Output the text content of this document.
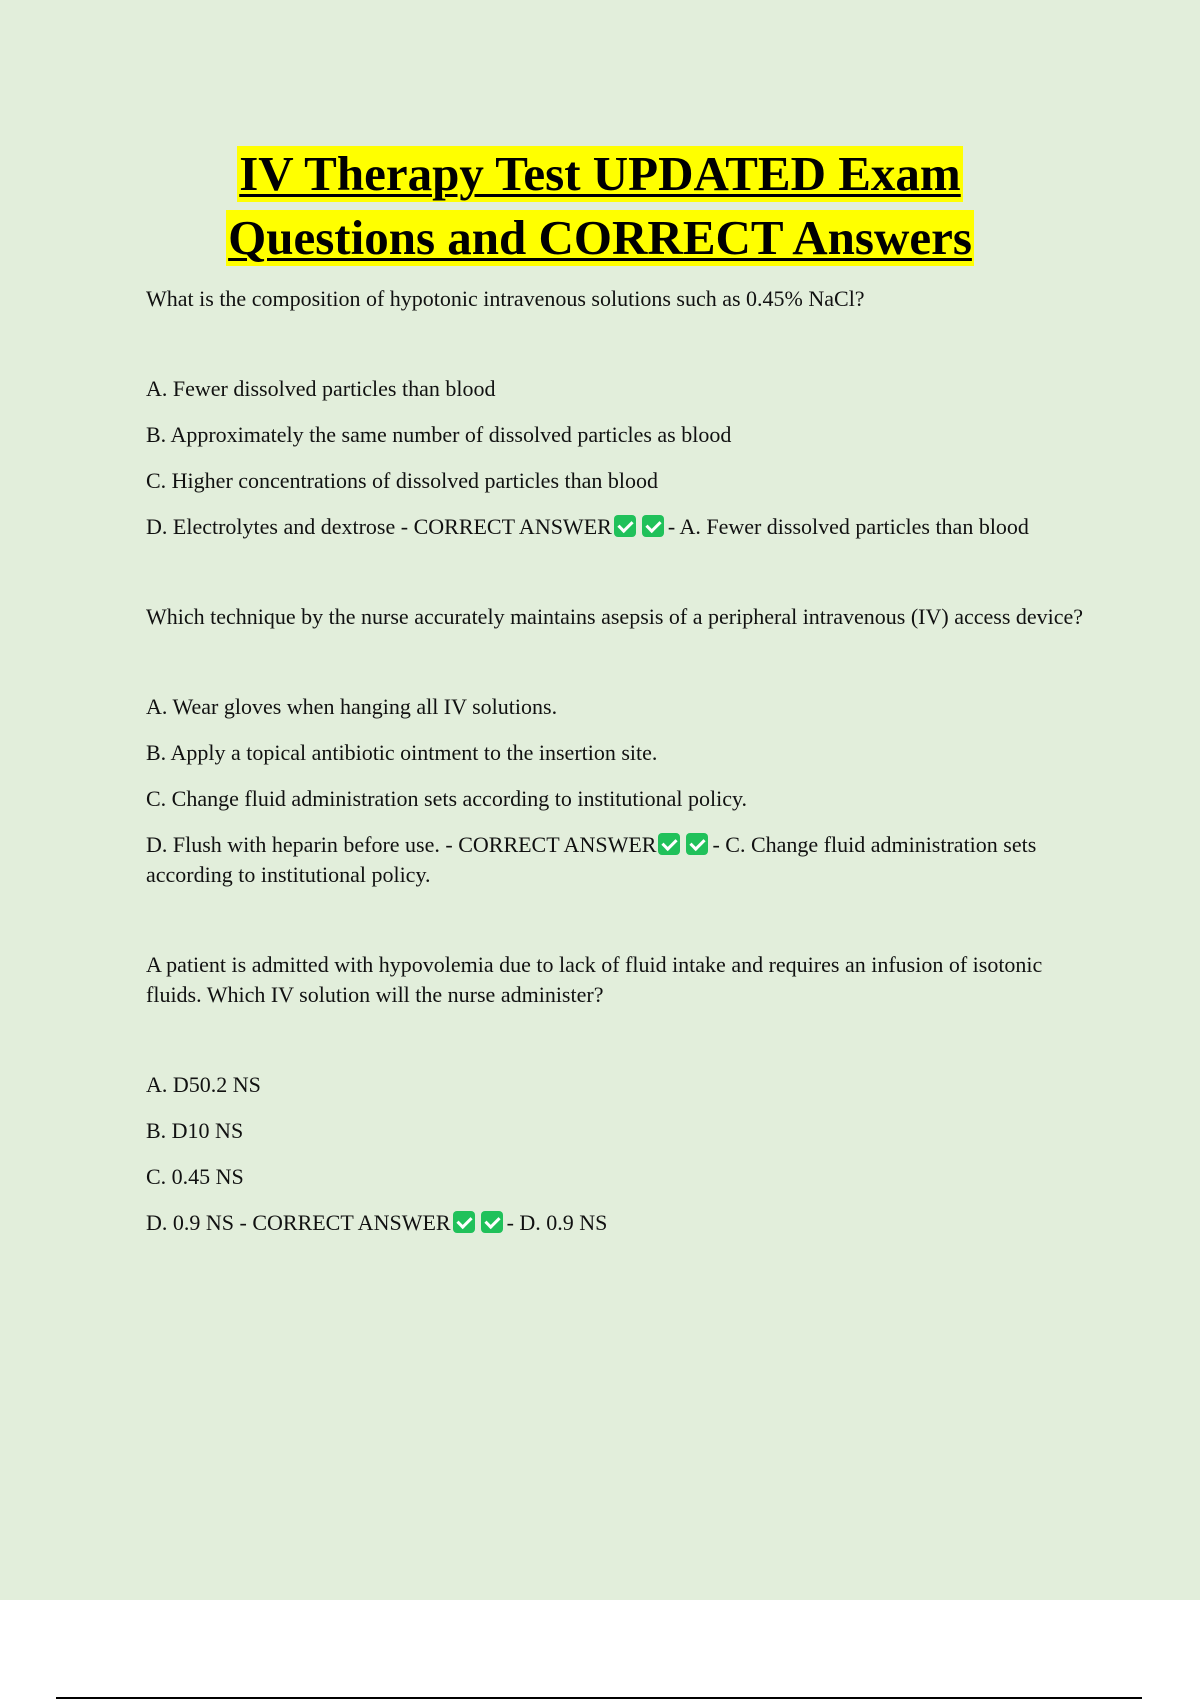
IV Therapy Test UPDATED Exam
Questions and CORRECT Answers

What is the composition of hypotonic intravenous solutions such as 0.45% NaCl?

A. Fewer dissolved particles than blood

B. Approximately the same number of dissolved particles as blood

C. Higher concentrations of dissolved particles than blood

D. Electrolytes and dextrose - CORRECT ANSWER	- A. Fewer dissolved particles than blood

Which technique by the nurse accurately maintains asepsis of a peripheral intravenous (IV) access device?

A. Wear gloves when hanging all IV solutions.

B. Apply a topical antibiotic ointment to the insertion site.

C. Change fluid administration sets according to institutional policy.

D. Flush with heparin before use. - CORRECT ANSWER	- C. Change fluid administration sets according to institutional policy.

A patient is admitted with hypovolemia due to lack of fluid intake and requires an infusion of isotonic fluids. Which IV solution will the nurse administer?

A. D50.2 NS

B. D10 NS

C. 0.45 NS

D. 0.9 NS - CORRECT ANSWER	- D. 0.9 NS
